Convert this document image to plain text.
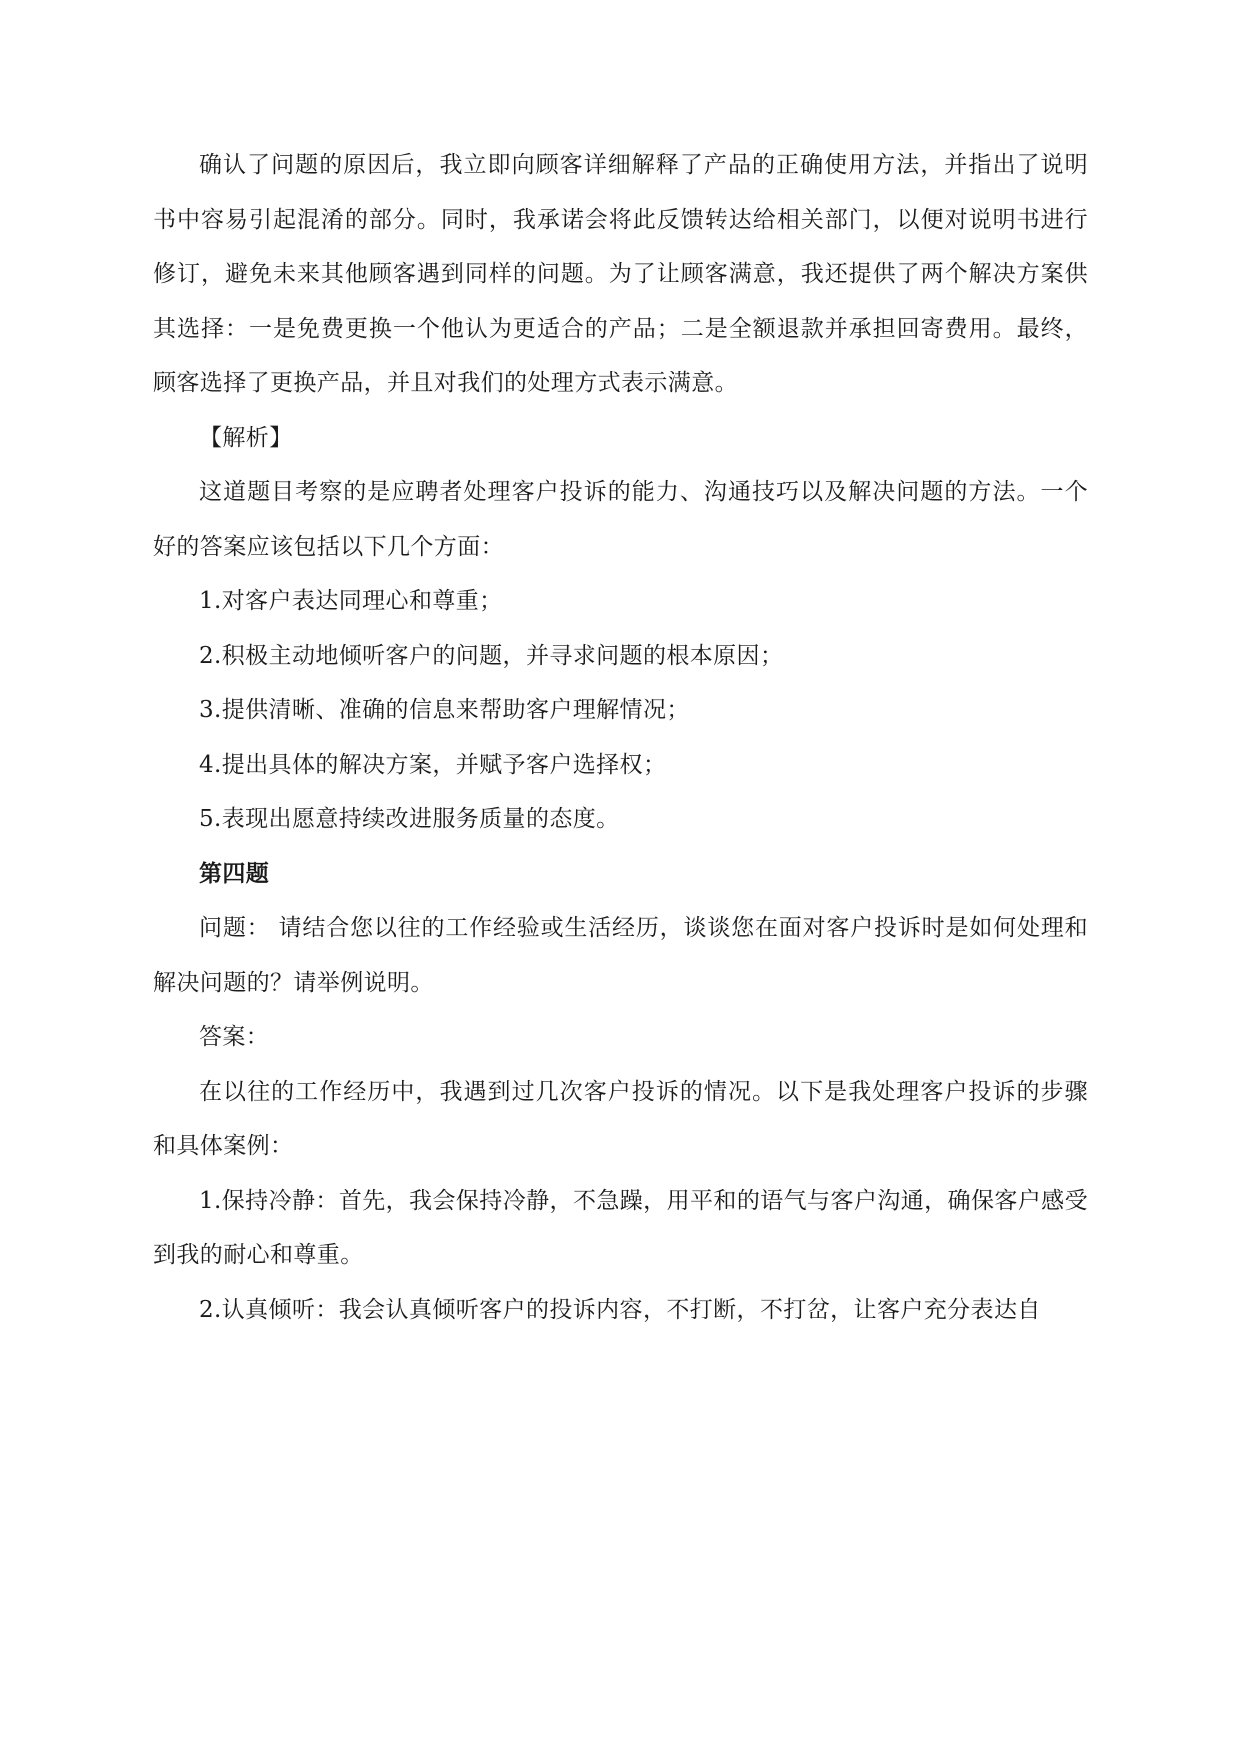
确认了问题的原因后，我立即向顾客详细解释了产品的正确使用方法，并指出了说明书中容易引起混淆的部分。同时，我承诺会将此反馈转达给相关部门，以便对说明书进行修订，避免未来其他顾客遇到同样的问题。为了让顾客满意，我还提供了两个解决方案供其选择：一是免费更换一个他认为更适合的产品；二是全额退款并承担回寄费用。最终，顾客选择了更换产品，并且对我们的处理方式表示满意。

【解析】

这道题目考察的是应聘者处理客户投诉的能力、沟通技巧以及解决问题的方法。一个好的答案应该包括以下几个方面：

1.对客户表达同理心和尊重；

2.积极主动地倾听客户的问题，并寻求问题的根本原因；

3.提供清晰、准确的信息来帮助客户理解情况；

4.提出具体的解决方案，并赋予客户选择权；

5.表现出愿意持续改进服务质量的态度。

第四题

问题： 请结合您以往的工作经验或生活经历，谈谈您在面对客户投诉时是如何处理和解决问题的？请举例说明。

答案：

在以往的工作经历中，我遇到过几次客户投诉的情况。以下是我处理客户投诉的步骤和具体案例：

1.保持冷静：首先，我会保持冷静，不急躁，用平和的语气与客户沟通，确保客户感受到我的耐心和尊重。

2.认真倾听：我会认真倾听客户的投诉内容，不打断，不打岔，让客户充分表达自
